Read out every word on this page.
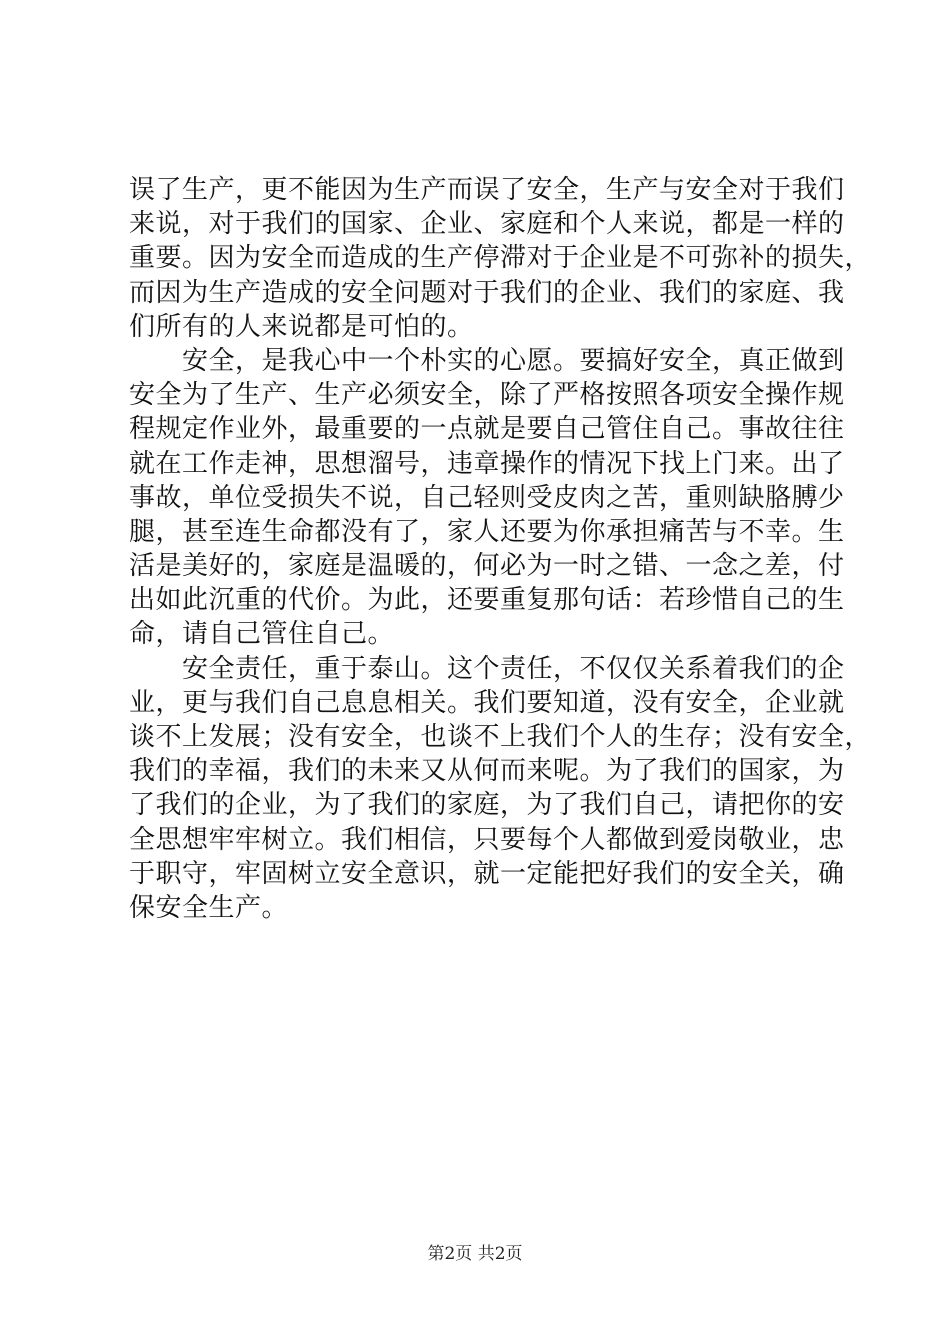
误了生产，更不能因为生产而误了安全，生产与安全对于我们
来说，对于我们的国家、企业、家庭和个人来说，都是一样的
重要。因为安全而造成的生产停滞对于企业是不可弥补的损失，
而因为生产造成的安全问题对于我们的企业、我们的家庭、我
们所有的人来说都是可怕的。
安全，是我心中一个朴实的心愿。要搞好安全，真正做到
安全为了生产、生产必须安全，除了严格按照各项安全操作规
程规定作业外，最重要的一点就是要自己管住自己。事故往往
就在工作走神，思想溜号，违章操作的情况下找上门来。出了
事故，单位受损失不说，自己轻则受皮肉之苦，重则缺胳膊少
腿，甚至连生命都没有了，家人还要为你承担痛苦与不幸。生
活是美好的，家庭是温暖的，何必为一时之错、一念之差，付
出如此沉重的代价。为此，还要重复那句话：若珍惜自己的生
命，请自己管住自己。
安全责任，重于泰山。这个责任，不仅仅关系着我们的企
业，更与我们自己息息相关。我们要知道，没有安全，企业就
谈不上发展；没有安全，也谈不上我们个人的生存；没有安全，
我们的幸福，我们的未来又从何而来呢。为了我们的国家，为
了我们的企业，为了我们的家庭，为了我们自己，请把你的安
全思想牢牢树立。我们相信，只要每个人都做到爱岗敬业，忠
于职守，牢固树立安全意识，就一定能把好我们的安全关，确
保安全生产。
第2页 共2页
